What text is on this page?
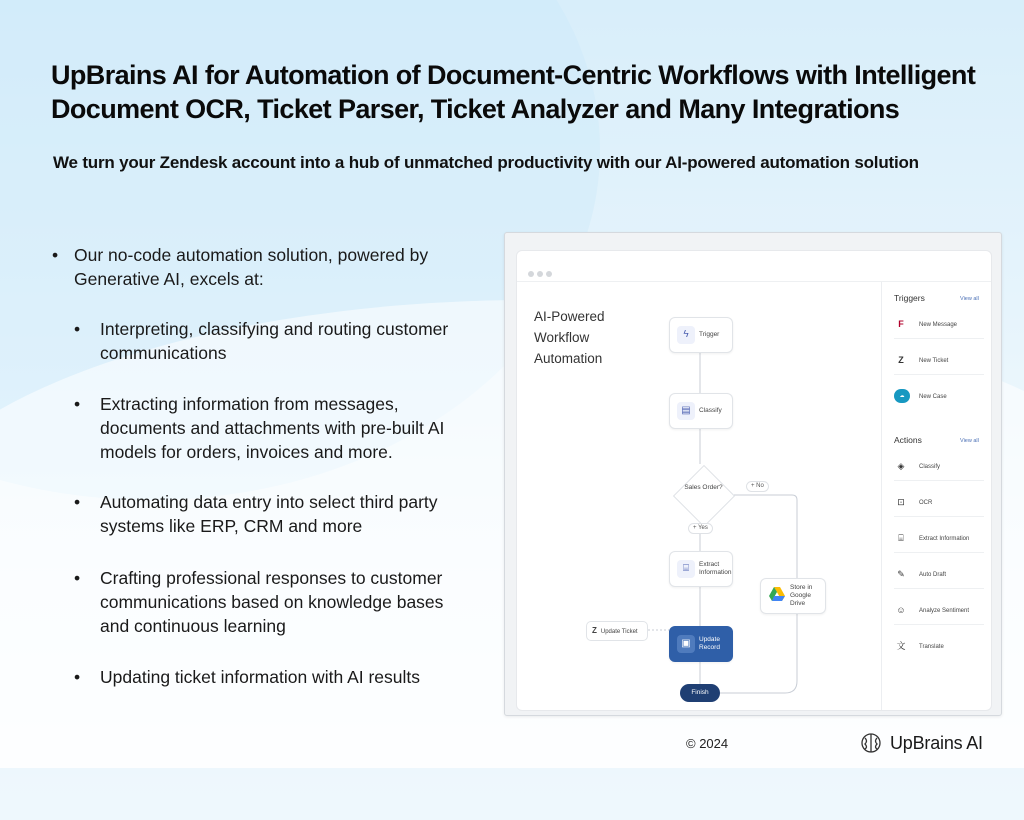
UpBrains AI for Automation of Document-Centric Workflows with Intelligent Document OCR, Ticket Parser, Ticket Analyzer and Many Integrations
We turn your Zendesk account into a hub of unmatched productivity with our AI-powered automation solution
• Our no-code automation solution, powered by Generative AI, excels at:
• Interpreting, classifying and routing customer communications
• Extracting information from messages, documents and attachments with pre-built AI models for orders, invoices and more.
• Automating data entry into select third party systems like ERP, CRM and more
• Crafting professional responses to customer communications based on knowledge bases and continuous learning
• Updating ticket information with AI results
AI-Powered Workflow Automation
ϟ	Trigger
▤	Classify
Sales Order?	+ No
+ Yes
⌸	Extract Information
Store in Google Drive
▣	Update Record
Z Update Ticket
Finish
Triggers	View all
F	New Message
Z	New Ticket
☁	New Case
Actions	View all
◈	Classify
⊡	OCR
⌸	Extract Information
✎	Auto Draft
☺	Analyze Sentiment
文	Translate
© 2024	UpBrains AI
